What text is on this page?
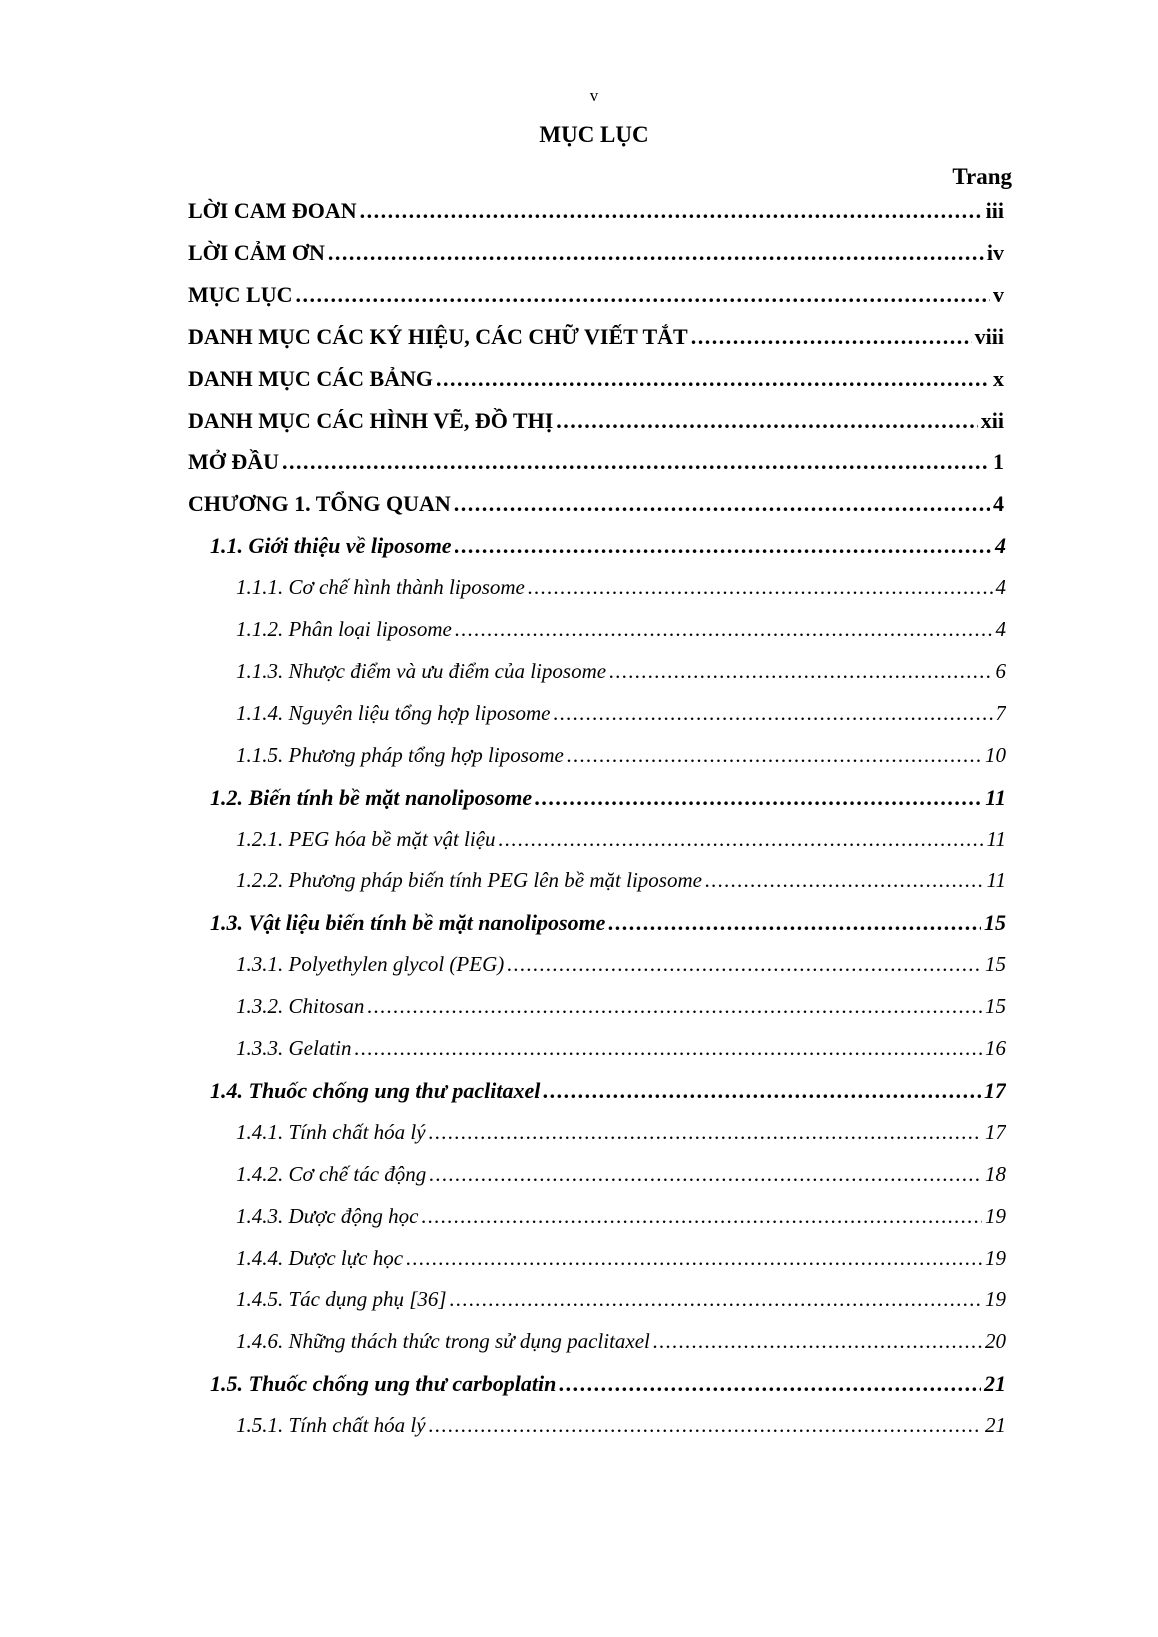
v
MỤC LỤC
Trang
LỜI CAM ĐOAN . . .	iii
LỜI CẢM ƠN . . .	iv
MỤC LỤC . . .	v
DANH MỤC CÁC KÝ HIỆU, CÁC CHỮ VIẾT TẮT . . .	viii
DANH MỤC CÁC BẢNG . . .	x
DANH MỤC CÁC HÌNH VẼ, ĐỒ THỊ . . .	xii
MỞ ĐẦU . . .	1
CHƯƠNG 1. TỔNG QUAN . . .	4
1.1. Giới thiệu về liposome . . .	4
1.1.1. Cơ chế hình thành liposome . . .	4
1.1.2. Phân loại liposome . . .	4
1.1.3. Nhược điểm và ưu điểm của liposome . . .	6
1.1.4. Nguyên liệu tổng hợp liposome . . .	7
1.1.5. Phương pháp tổng hợp liposome . . .	10
1.2. Biến tính bề mặt nanoliposome . . .	11
1.2.1. PEG hóa bề mặt vật liệu . . .	11
1.2.2. Phương pháp biến tính PEG lên bề mặt liposome . . .	11
1.3. Vật liệu biến tính bề mặt nanoliposome . . .	15
1.3.1. Polyethylen glycol (PEG) . . .	15
1.3.2. Chitosan . . .	15
1.3.3. Gelatin . . .	16
1.4. Thuốc chống ung thư paclitaxel . . .	17
1.4.1. Tính chất hóa lý . . .	17
1.4.2. Cơ chế tác động . . .	18
1.4.3. Dược động học . . .	19
1.4.4. Dược lực học . . .	19
1.4.5. Tác dụng phụ [36] . . .	19
1.4.6. Những thách thức trong sử dụng paclitaxel . . .	20
1.5. Thuốc chống ung thư carboplatin . . .	21
1.5.1. Tính chất hóa lý . . .	21
